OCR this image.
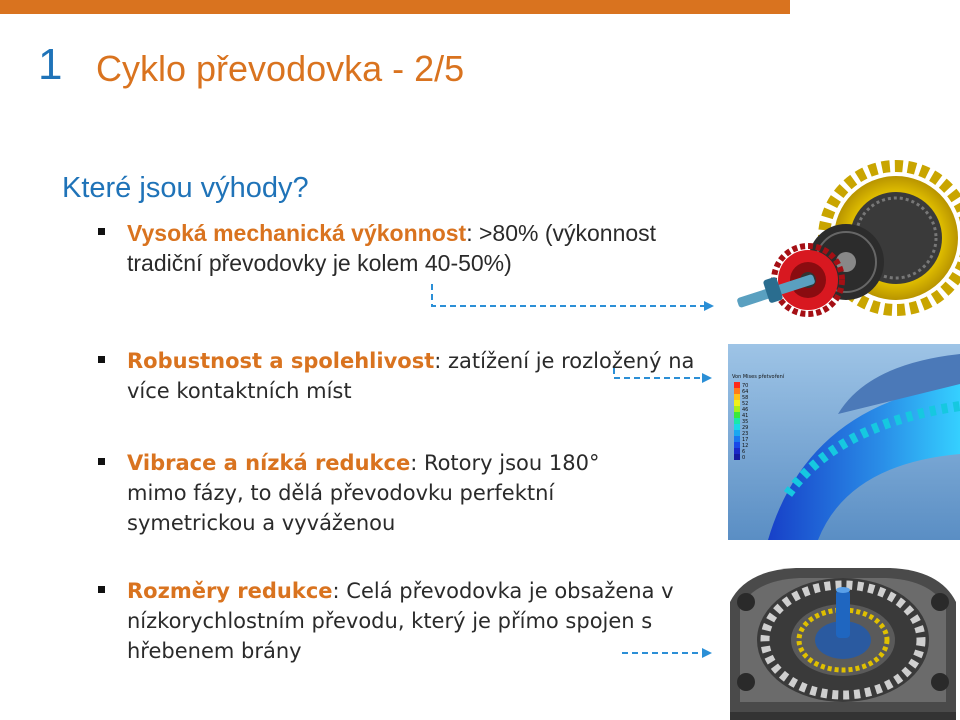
1 Cyklo převodovka - 2/5
Které jsou výhody?
Vysoká mechanická výkonnost: >80% (výkonnost tradiční převodovky je kolem 40-50%)
Robustnost a spolehlivost: zatížení je rozložený na více kontaktních míst
Vibrace a nízká redukce: Rotory jsou 180° mimo fázy, to dělá převodovku perfektní symetrickou a vyváženou
Rozměry redukce: Celá převodovka je obsažena v nízkorychlostním převodu, který je přímo spojen s hřebenem brány
Von Mises přetvoření
70
64
58
52
46
41
35
29
23
17
12
6
0
